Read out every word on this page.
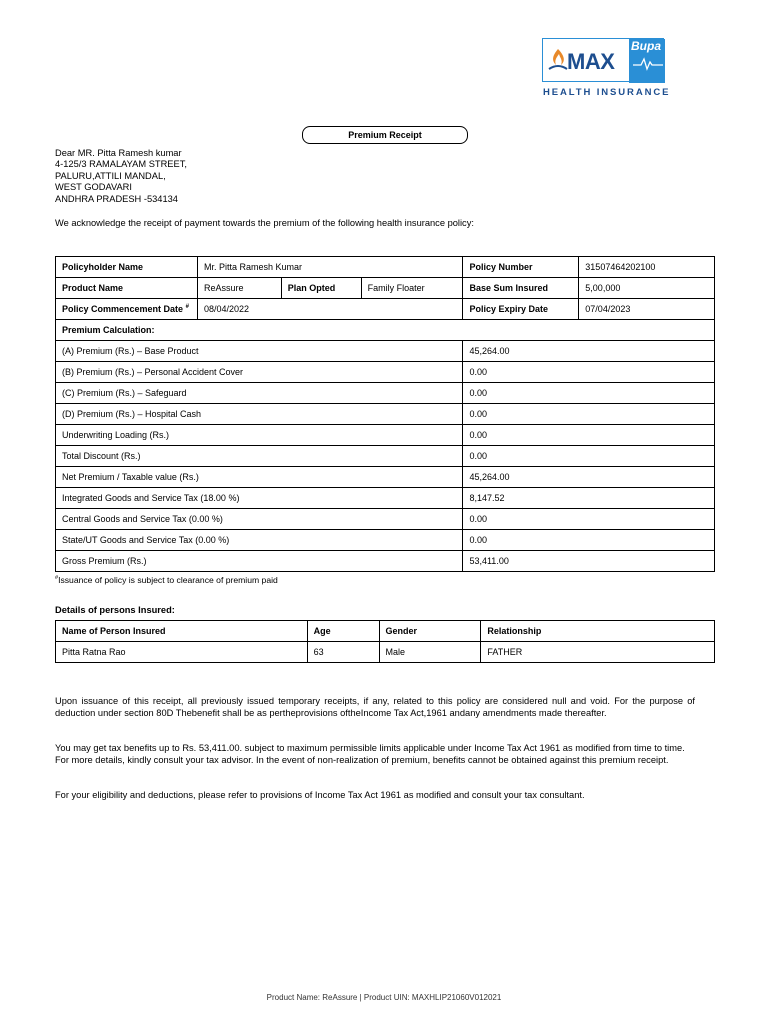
MAX
Bupa
HEALTH INSURANCE
Premium Receipt
Dear MR. Pitta Ramesh kumar
4-125/3 RAMALAYAM STREET,
PALURU,ATTILI MANDAL,
WEST GODAVARI
ANDHRA PRADESH -534134
We acknowledge the receipt of payment towards the premium of the following health insurance policy:
Policyholder Name	Mr. Pitta Ramesh Kumar			Policy Number	31507464202100
Product Name	ReAssure	Plan Opted	Family Floater	Base Sum Insured	5,00,000
Policy Commencement Date #	08/04/2022			Policy Expiry Date	07/04/2023
Premium Calculation:					
(A) Premium (Rs.) – Base Product				45,264.00	
(B) Premium (Rs.) – Personal Accident Cover				0.00	
(C) Premium (Rs.) – Safeguard				0.00	
(D) Premium (Rs.) – Hospital Cash				0.00	
Underwriting Loading (Rs.)				0.00	
Total Discount (Rs.)				0.00	
Net Premium / Taxable value (Rs.)				45,264.00	
Integrated Goods and Service Tax (18.00 %)				8,147.52	
Central Goods and Service Tax (0.00 %)				0.00	
State/UT Goods and Service Tax (0.00 %)				0.00	
Gross Premium (Rs.)				53,411.00	
#Issuance of policy is subject to clearance of premium paid
Details of persons Insured:
Name of Person Insured	Age	Gender	Relationship
Pitta Ratna Rao	63	Male	FATHER
Upon issuance of this receipt, all previously issued temporary receipts, if any, related to this policy are considered null and void. For the purpose of deduction under section 80D Thebenefit shall be as pertheprovisions oftheIncome Tax Act,1961 andany amendments made thereafter.
You may get tax benefits up to Rs. 53,411.00. subject to maximum permissible limits applicable under Income Tax Act 1961 as modified from time to time. For more details, kindly consult your tax advisor. In the event of non-realization of premium, benefits cannot be obtained against this premium receipt.
For your eligibility and deductions, please refer to provisions of Income Tax Act 1961 as modified and consult your tax consultant.
Product Name: ReAssure | Product UIN: MAXHLIP21060V012021
